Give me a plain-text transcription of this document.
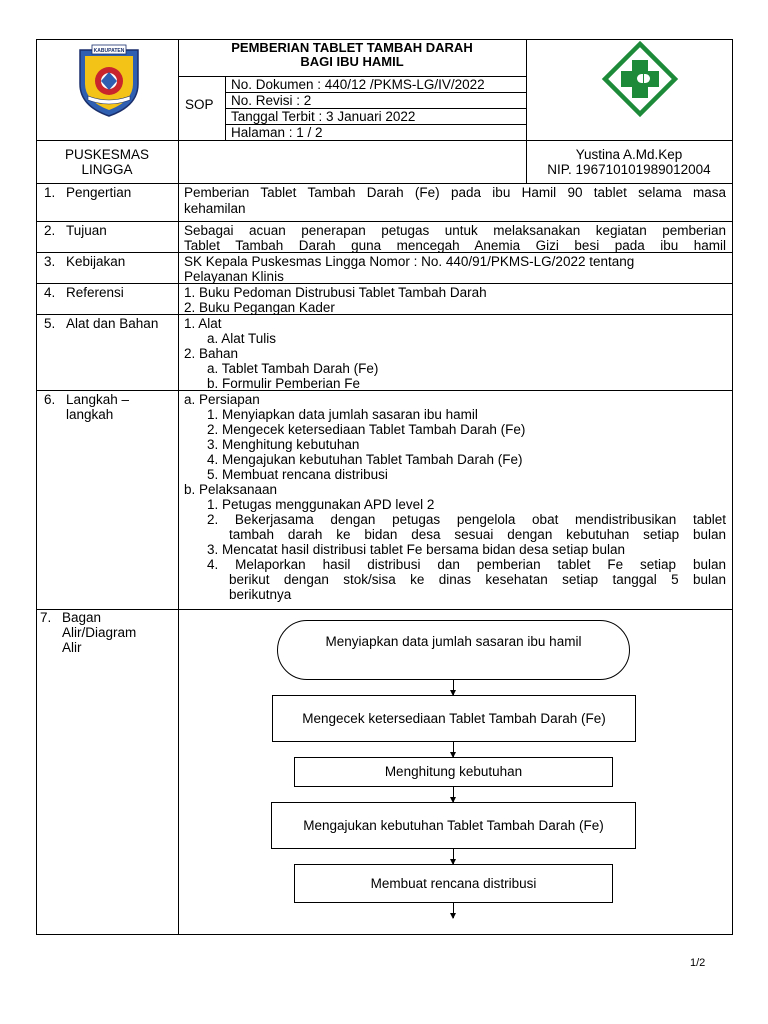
KABUPATEN	PEMBERIAN TABLET TAMBAH DARAH
BAGI IBU HAMIL
SOP
No. Dokumen : 440/12 /PKMS-LG/IV/2022
No. Revisi : 2
Tanggal Terbit : 3 Januari 2022
Halaman : 1 / 2
PUSKESMAS
LINGGA
Yustina A.Md.Kep
NIP. 196710101989012004
1. Pengertian	Pemberian Tablet Tambah Darah (Fe) pada ibu Hamil 90 tablet selama masa
kehamilan
2. Tujuan	Sebagai acuan penerapan petugas untuk melaksanakan kegiatan pemberian
Tablet Tambah Darah guna mencegah Anemia Gizi besi pada ibu hamil
3. Kebijakan	SK Kepala Puskesmas Lingga Nomor : No. 440/91/PKMS-LG/2022 tentang
Pelayanan Klinis
4. Referensi	1. Buku Pedoman Distrubusi Tablet Tambah Darah
2. Buku Pegangan Kader
5. Alat dan Bahan 1. Alat
a. Alat Tulis
2. Bahan
a. Tablet Tambah Darah (Fe)
b. Formulir Pemberian Fe
6. Langkah –
langkah
a. Persiapan
1. Menyiapkan data jumlah sasaran ibu hamil
2. Mengecek ketersediaan Tablet Tambah Darah (Fe)
3. Menghitung kebutuhan
4. Mengajukan kebutuhan Tablet Tambah Darah (Fe)
5. Membuat rencana distribusi
b. Pelaksanaan
1. Petugas menggunakan APD level 2
2. Bekerjasama dengan petugas pengelola obat mendistribusikan tablet
tambah darah ke bidan desa sesuai dengan kebutuhan setiap bulan
3. Mencatat hasil distribusi tablet Fe bersama bidan desa setiap bulan
4. Melaporkan hasil distribusi dan pemberian tablet Fe setiap bulan
berikut dengan stok/sisa ke dinas kesehatan setiap tanggal 5 bulan
berikutnya
7. Bagan
Alir/Diagram
Alir	Menyiapkan data jumlah sasaran ibu hamil
Mengecek ketersediaan Tablet Tambah Darah (Fe)
Menghitung kebutuhan
Mengajukan kebutuhan Tablet Tambah Darah (Fe)
Membuat rencana distribusi
1/2
